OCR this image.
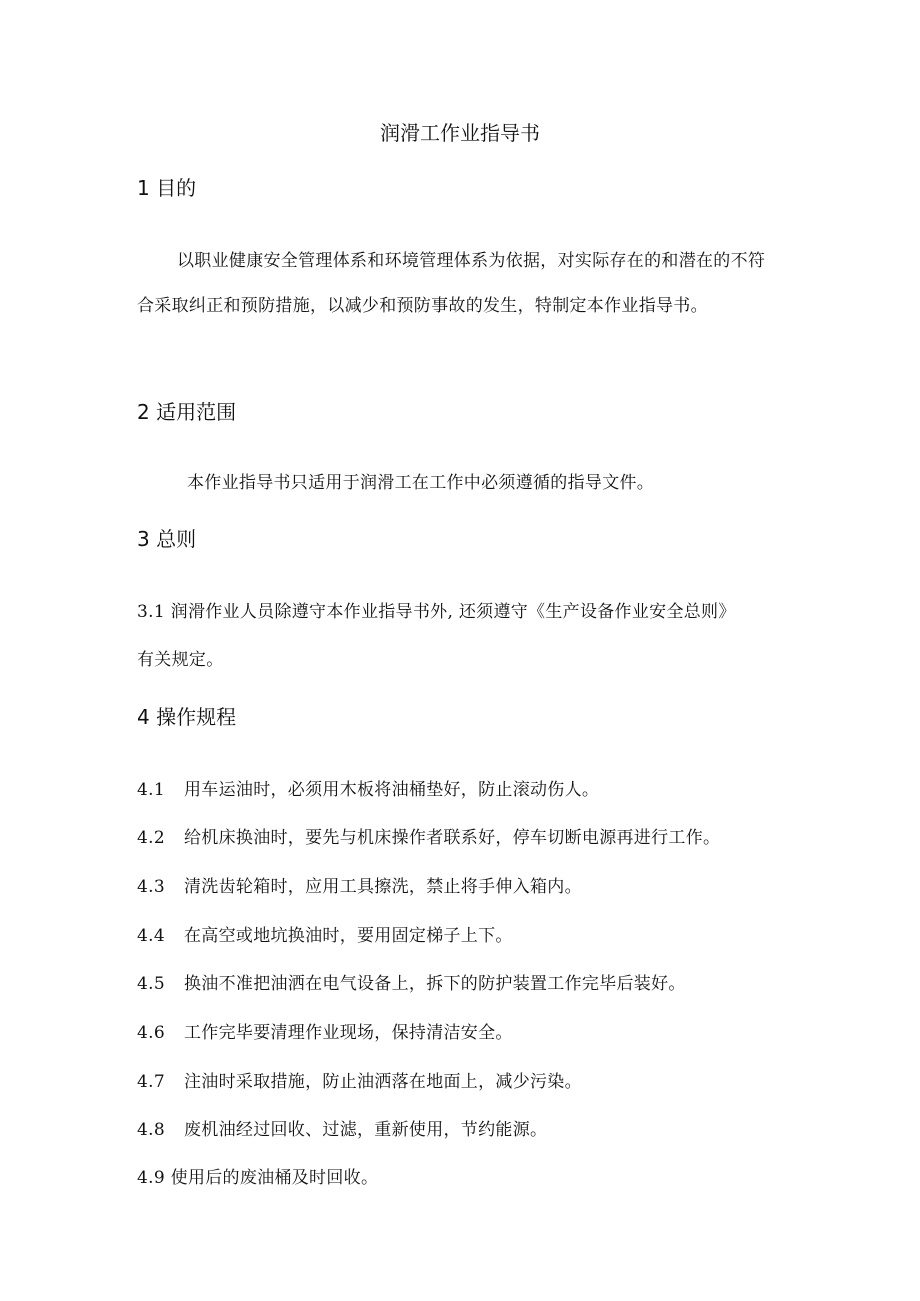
润滑工作业指导书
1 目的
以职业健康安全管理体系和环境管理体系为依据，对实际存在的和潜在的不符合采取纠正和预防措施，以减少和预防事故的发生，特制定本作业指导书。
2 适用范围
本作业指导书只适用于润滑工在工作中必须遵循的指导文件。
3 总则
3.1 润滑作业人员除遵守本作业指导书外, 还须遵守《生产设备作业安全总则》
有关规定。
4 操作规程
4.1 用车运油时，必须用木板将油桶垫好，防止滚动伤人。
4.2 给机床换油时，要先与机床操作者联系好，停车切断电源再进行工作。
4.3 清洗齿轮箱时，应用工具擦洗，禁止将手伸入箱内。
4.4 在高空或地坑换油时，要用固定梯子上下。
4.5 换油不准把油洒在电气设备上，拆下的防护装置工作完毕后装好。
4.6 工作完毕要清理作业现场，保持清洁安全。
4.7 注油时采取措施，防止油洒落在地面上，减少污染。
4.8 废机油经过回收、过滤，重新使用，节约能源。
4.9 使用后的废油桶及时回收。
